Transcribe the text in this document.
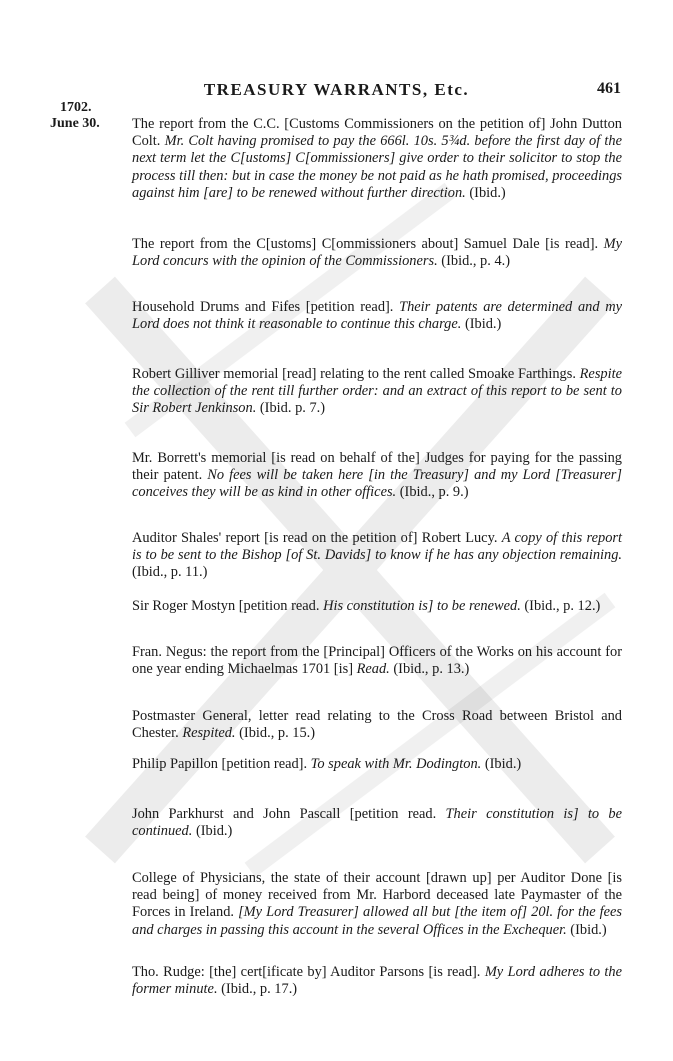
TREASURY WARRANTS, Etc.	461
1702.
June 30. The report from the C.C. [Customs Commissioners on the petition of] John Dutton Colt. Mr. Colt having promised to pay the 666l. 10s. 5¾d. before the first day of the next term let the C[ustoms] C[ommissioners] give order to their solicitor to stop the process till then: but in case the money be not paid as he hath promised, proceedings against him [are] to be renewed without further direction. (Ibid.)

The report from the C[ustoms] C[ommissioners about] Samuel Dale [is read]. My Lord concurs with the opinion of the Commissioners. (Ibid., p. 4.)

Household Drums and Fifes [petition read]. Their patents are determined and my Lord does not think it reasonable to continue this charge. (Ibid.)

Robert Gilliver memorial [read] relating to the rent called Smoake Farthings. Respite the collection of the rent till further order: and an extract of this report to be sent to Sir Robert Jenkinson. (Ibid. p. 7.)

Mr. Borrett's memorial [is read on behalf of the] Judges for paying for the passing their patent. No fees will be taken here [in the Treasury] and my Lord [Treasurer] conceives they will be as kind in other offices. (Ibid., p. 9.)

Auditor Shales' report [is read on the petition of] Robert Lucy. A copy of this report is to be sent to the Bishop [of St. Davids] to know if he has any objection remaining. (Ibid., p. 11.)

Sir Roger Mostyn [petition read. His constitution is] to be renewed. (Ibid., p. 12.)

Fran. Negus: the report from the [Principal] Officers of the Works on his account for one year ending Michaelmas 1701 [is] Read. (Ibid., p. 13.)

Postmaster General, letter read relating to the Cross Road between Bristol and Chester. Respited. (Ibid., p. 15.)

Philip Papillon [petition read]. To speak with Mr. Dodington. (Ibid.)

John Parkhurst and John Pascall [petition read. Their constitution is] to be continued. (Ibid.)

College of Physicians, the state of their account [drawn up] per Auditor Done [is read being] of money received from Mr. Harbord deceased late Paymaster of the Forces in Ireland. [My Lord Treasurer] allowed all but [the item of] 20l. for the fees and charges in passing this account in the several Offices in the Exchequer. (Ibid.)

Tho. Rudge: [the] cert[ificate by] Auditor Parsons [is read]. My Lord adheres to the former minute. (Ibid., p. 17.)
